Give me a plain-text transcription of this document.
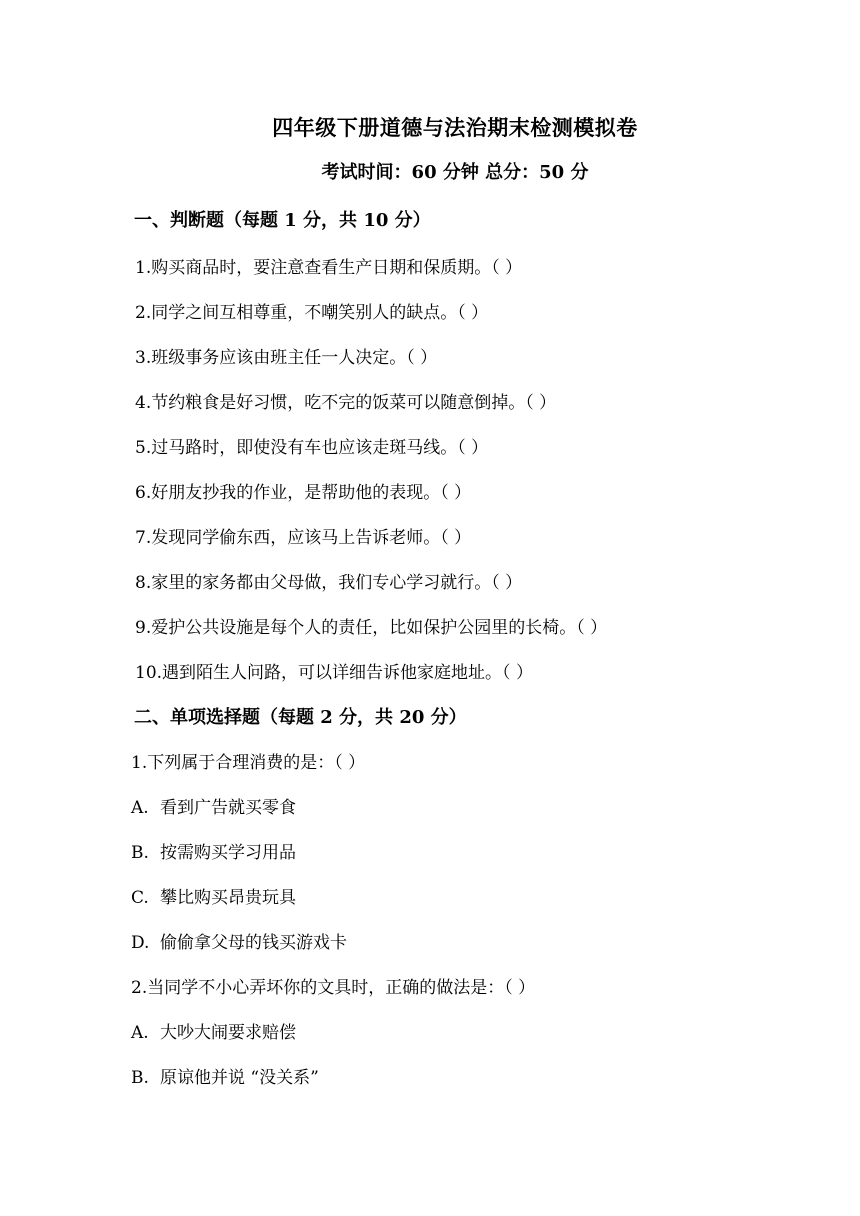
四年级下册道德与法治期末检测模拟卷
考试时间：60 分钟 总分：50 分
一、判断题（每题 1 分，共 10 分）
1.购买商品时，要注意查看生产日期和保质期。（ ）
2.同学之间互相尊重，不嘲笑别人的缺点。（ ）
3.班级事务应该由班主任一人决定。（ ）
4.节约粮食是好习惯，吃不完的饭菜可以随意倒掉。（ ）
5.过马路时，即使没有车也应该走斑马线。（ ）
6.好朋友抄我的作业，是帮助他的表现。（ ）
7.发现同学偷东西，应该马上告诉老师。（ ）
8.家里的家务都由父母做，我们专心学习就行。（ ）
9.爱护公共设施是每个人的责任，比如保护公园里的长椅。（ ）
10.遇到陌生人问路，可以详细告诉他家庭地址。（ ）
二、单项选择题（每题 2 分，共 20 分）
1.下列属于合理消费的是：（ ）
A. 看到广告就买零食
B. 按需购买学习用品
C. 攀比购买昂贵玩具
D. 偷偷拿父母的钱买游戏卡
2.当同学不小心弄坏你的文具时，正确的做法是：（ ）
A. 大吵大闹要求赔偿
B. 原谅他并说 “没关系”
